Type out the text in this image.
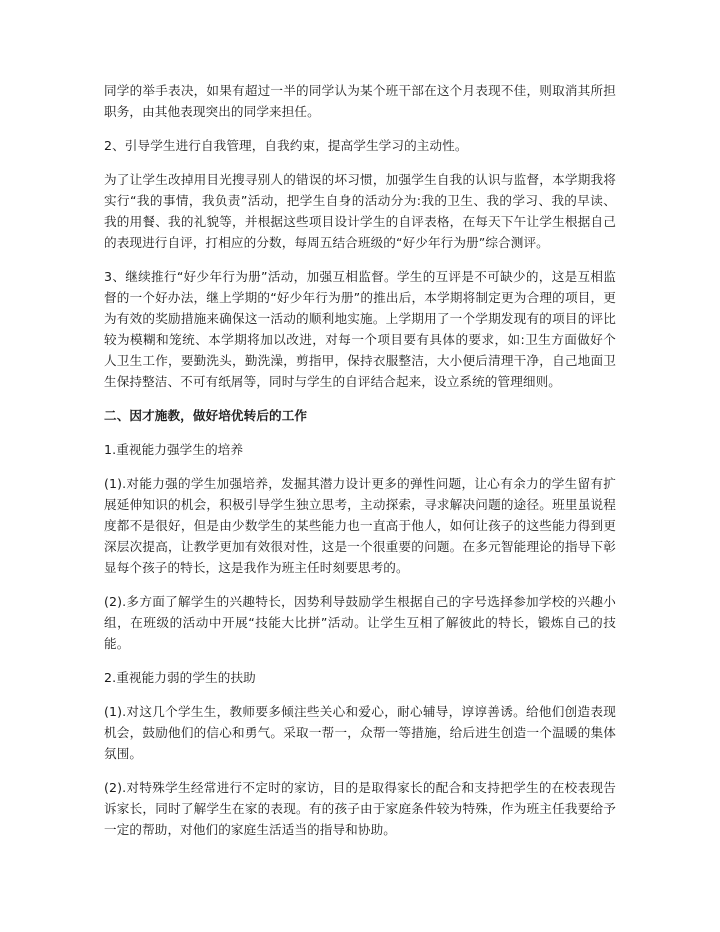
同学的举手表决，如果有超过一半的同学认为某个班干部在这个月表现不佳，则取消其所担职务，由其他表现突出的同学来担任。

2、引导学生进行自我管理，自我约束，提高学生学习的主动性。

为了让学生改掉用目光搜寻别人的错误的坏习惯，加强学生自我的认识与监督，本学期我将实行“我的事情，我负责”活动，把学生自身的活动分为:我的卫生、我的学习、我的早读、我的用餐、我的礼貌等，并根据这些项目设计学生的自评表格，在每天下午让学生根据自己的表现进行自评，打相应的分数，每周五结合班级的“好少年行为册”综合测评。

3、继续推行“好少年行为册”活动，加强互相监督。学生的互评是不可缺少的，这是互相监督的一个好办法，继上学期的“好少年行为册”的推出后，本学期将制定更为合理的项目，更为有效的奖励措施来确保这一活动的顺利地实施。上学期用了一个学期发现有的项目的评比较为模糊和笼统、本学期将加以改进，对每一个项目要有具体的要求，如:卫生方面做好个人卫生工作，要勤洗头，勤洗澡，剪指甲，保持衣服整洁，大小便后清理干净，自己地面卫生保持整洁、不可有纸屑等，同时与学生的自评结合起来，设立系统的管理细则。

二、因才施教，做好培优转后的工作

1.重视能力强学生的培养

(1).对能力强的学生加强培养，发掘其潜力设计更多的弹性问题，让心有余力的学生留有扩展延伸知识的机会，积极引导学生独立思考，主动探索，寻求解决问题的途径。班里虽说程度都不是很好，但是由少数学生的某些能力也一直高于他人，如何让孩子的这些能力得到更深层次提高，让教学更加有效很对性，这是一个很重要的问题。在多元智能理论的指导下彰显每个孩子的特长，这是我作为班主任时刻要思考的。

(2).多方面了解学生的兴趣特长，因势利导鼓励学生根据自己的字号选择参加学校的兴趣小组，在班级的活动中开展“技能大比拼”活动。让学生互相了解彼此的特长，锻炼自己的技能。

2.重视能力弱的学生的扶助

(1).对这几个学生生，教师要多倾注些关心和爱心，耐心辅导，谆谆善诱。给他们创造表现机会，鼓励他们的信心和勇气。采取一帮一，众帮一等措施，给后进生创造一个温暖的集体氛围。

(2).对特殊学生经常进行不定时的家访，目的是取得家长的配合和支持把学生的在校表现告诉家长，同时了解学生在家的表现。有的孩子由于家庭条件较为特殊，作为班主任我要给予一定的帮助，对他们的家庭生活适当的指导和协助。
